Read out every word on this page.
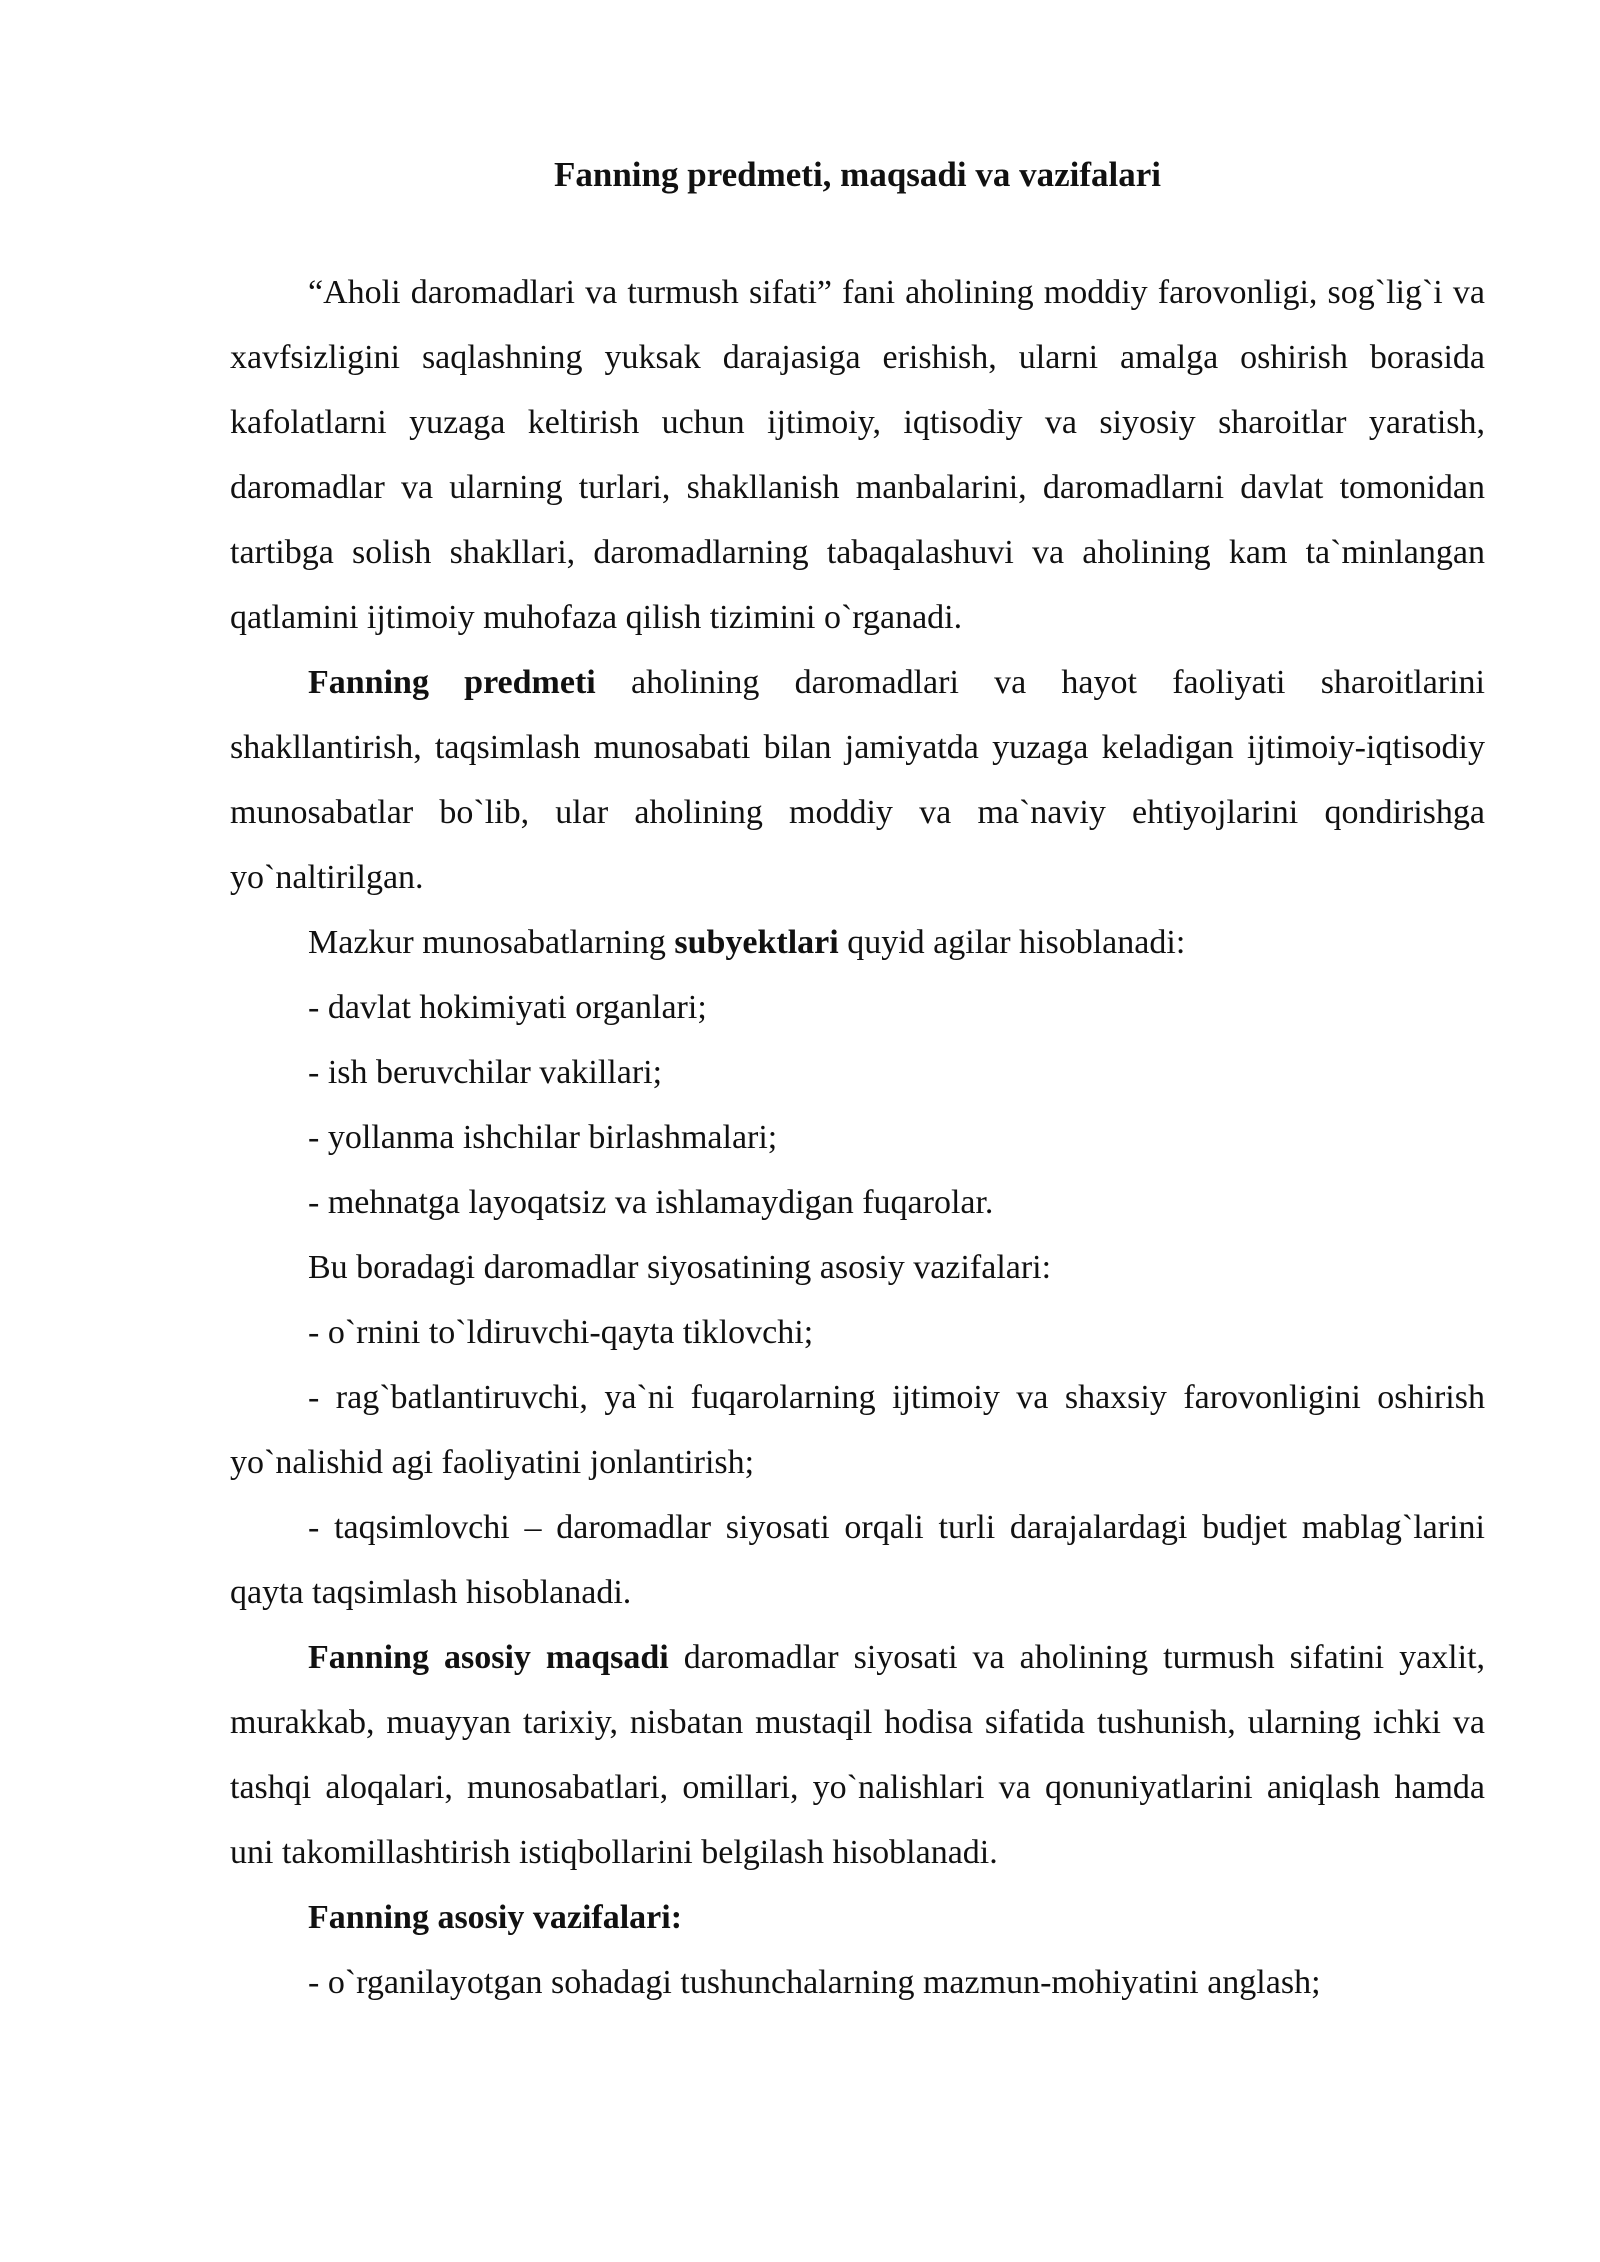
Fanning predmeti, maqsadi va vazifalari

“Aholi daromadlari va turmush sifati” fani aholining moddiy farovonligi, sog`lig`i va xavfsizligini saqlashning yuksak darajasiga erishish, ularni amalga oshirish borasida kafolatlarni yuzaga keltirish uchun ijtimoiy, iqtisodiy va siyosiy sharoitlar yaratish, daromadlar va ularning turlari, shakllanish manbalarini, daromadlarni davlat tomonidan tartibga solish shakllari, daromadlarning tabaqalashuvi va aholining kam ta`minlangan qatlamini ijtimoiy muhofaza qilish tizimini o`rganadi.

Fanning predmeti aholining daromadlari va hayot faoliyati sharoitlarini shakllantirish, taqsimlash munosabati bilan jamiyatda yuzaga keladigan ijtimoiy-iqtisodiy munosabatlar bo`lib, ular aholining moddiy va ma`naviy ehtiyojlarini qondirishga yo`naltirilgan.

Mazkur munosabatlarning subyektlari quyid agilar hisoblanadi:

- davlat hokimiyati organlari;

- ish beruvchilar vakillari;

- yollanma ishchilar birlashmalari;

- mehnatga layoqatsiz va ishlamaydigan fuqarolar.

Bu boradagi daromadlar siyosatining asosiy vazifalari:

- o`rnini to`ldiruvchi-qayta tiklovchi;

- rag`batlantiruvchi, ya`ni fuqarolarning ijtimoiy va shaxsiy farovonligini oshirish yo`nalishid agi faoliyatini jonlantirish;

- taqsimlovchi – daromadlar siyosati orqali turli darajalardagi budjet mablag`larini qayta taqsimlash hisoblanadi.

Fanning asosiy maqsadi daromadlar siyosati va aholining turmush sifatini yaxlit, murakkab, muayyan tarixiy, nisbatan mustaqil hodisa sifatida tushunish, ularning ichki va tashqi aloqalari, munosabatlari, omillari, yo`nalishlari va qonuniyatlarini aniqlash hamda uni takomillashtirish istiqbollarini belgilash hisoblanadi.

Fanning asosiy vazifalari:

- o`rganilayotgan sohadagi tushunchalarning mazmun-mohiyatini anglash;
